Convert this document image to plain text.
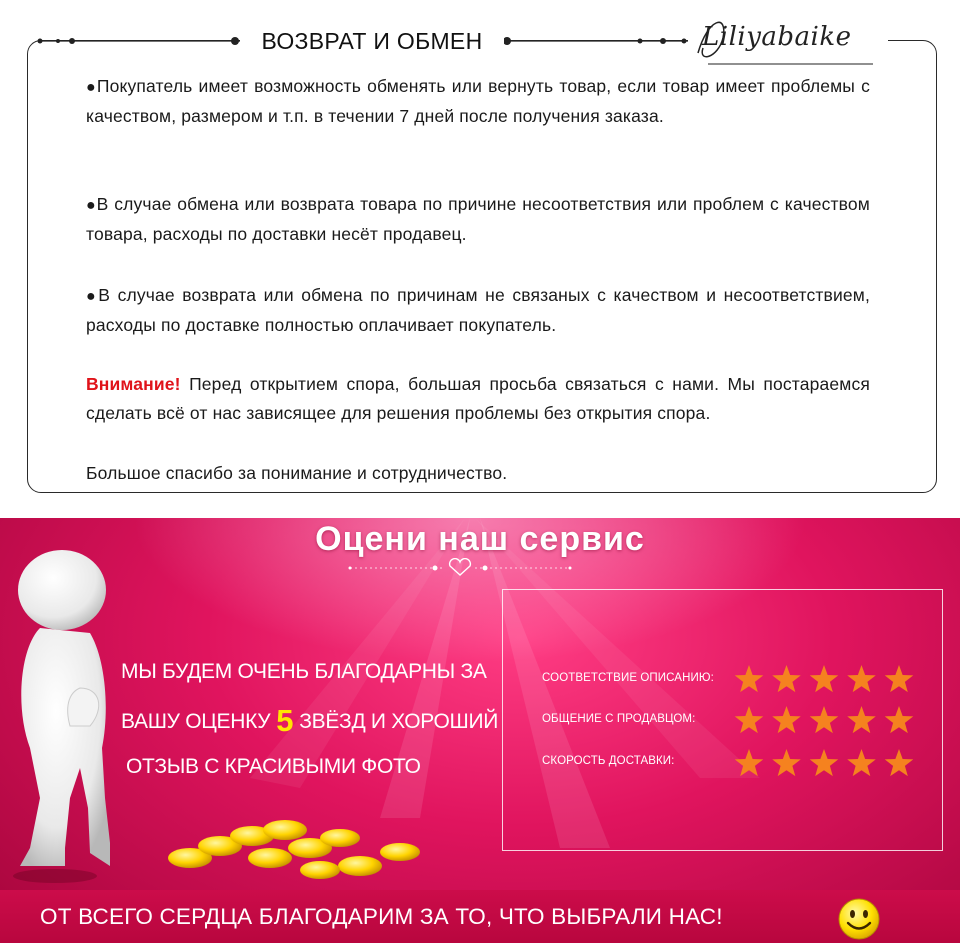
ВОЗВРАТ И ОБМЕН	Liliyabaike
●Покупатель имеет возможность обменять или вернуть товар, если товар имеет проблемы с качеством, размером и т.п. в течении 7 дней после получения заказа.
●В случае обмена или возврата товара по причине несоответствия или проблем с качеством товара, расходы по доставки несёт продавец.
●В случае возврата или обмена по причинам не связаных с качеством и несоответствием, расходы по доставке полностью оплачивает покупатель.
Внимание! Перед открытием спора, большая просьба связаться с нами. Мы постараемся сделать всё от нас зависящее для решения проблемы без открытия спора.
Большое спасибо за понимание и сотрудничество.
Оцени наш сервис
МЫ БУДЕМ ОЧЕНЬ БЛАГОДАРНЫ ЗА
ВАШУ ОЦЕНКУ 5 ЗВЁЗД И ХОРОШИЙ
ОТЗЫВ С КРАСИВЫМИ ФОТО
СООТВЕТСТВИЕ ОПИСАНИЮ:
ОБЩЕНИЕ С ПРОДАВЦОМ:
СКОРОСТЬ ДОСТАВКИ:
ОТ ВСЕГО СЕРДЦА БЛАГОДАРИМ ЗА ТО, ЧТО ВЫБРАЛИ НАС!
